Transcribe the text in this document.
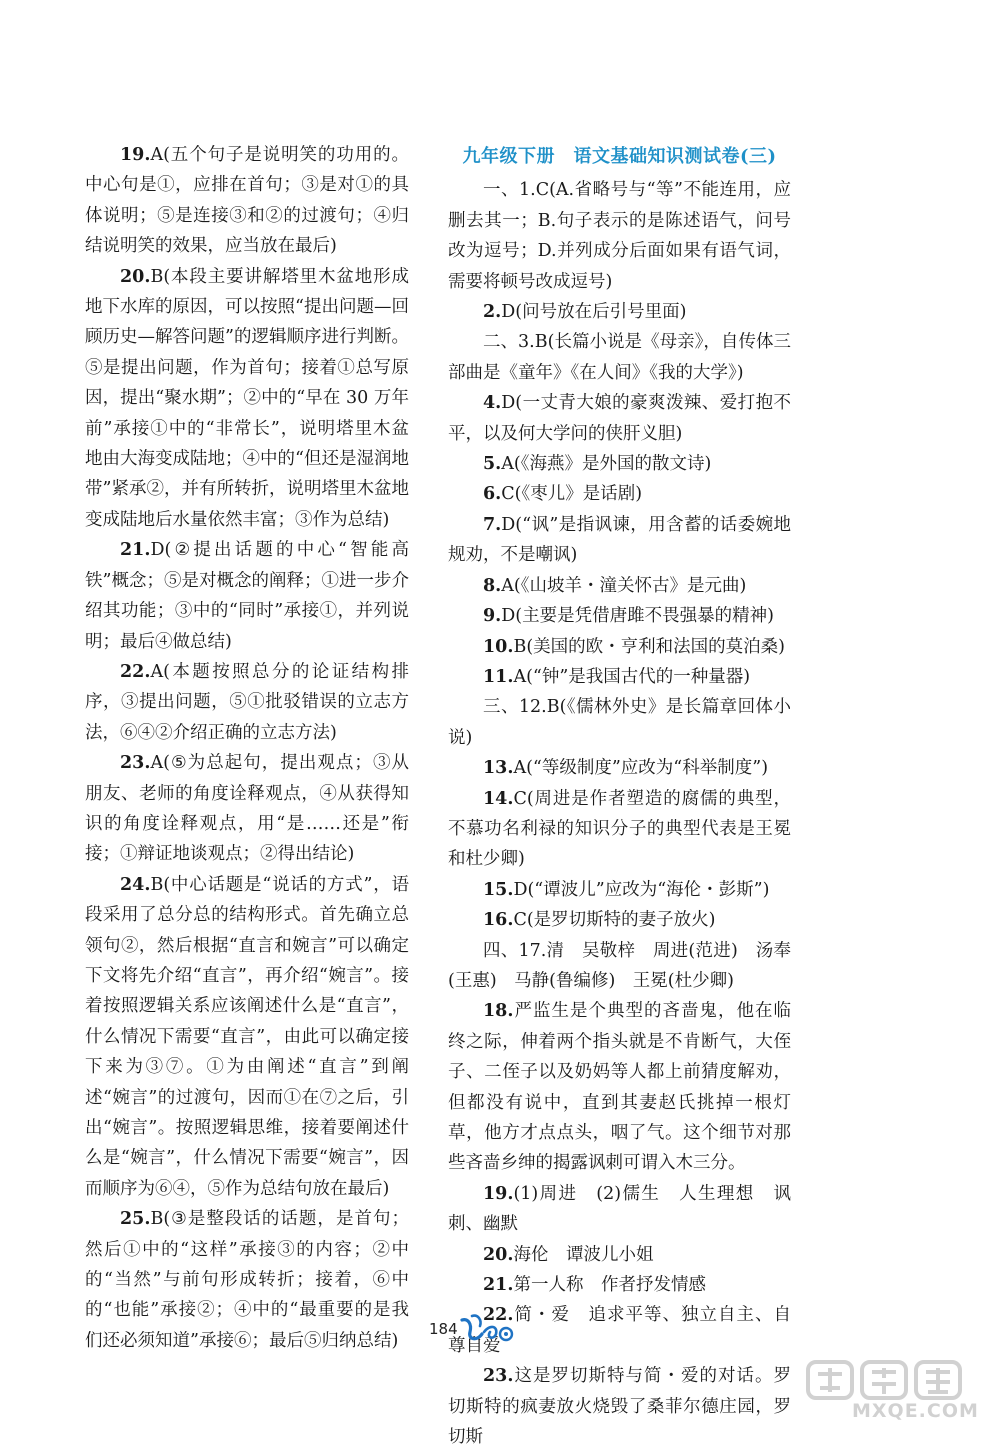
19.A(五个句子是说明笑的功用的。中心句是①，应排在首句；③是对①的具体说明；⑤是连接③和②的过渡句；④归结说明笑的效果，应当放在最后)

20.B(本段主要讲解塔里木盆地形成地下水库的原因，可以按照“提出问题—回顾历史—解答问题”的逻辑顺序进行判断。⑤是提出问题，作为首句；接着①总写原因，提出“聚水期”；②中的“早在 30 万年前”承接①中的“非常长”，说明塔里木盆地由大海变成陆地；④中的“但还是湿润地带”紧承②，并有所转折，说明塔里木盆地变成陆地后水量依然丰富；③作为总结)

21.D(②提出话题的中心“智能高铁”概念；⑤是对概念的阐释；①进一步介绍其功能；③中的“同时”承接①，并列说明；最后④做总结)

22.A(本题按照总分的论证结构排序，③提出问题，⑤①批驳错误的立志方法，⑥④②介绍正确的立志方法)

23.A(⑤为总起句，提出观点；③从朋友、老师的角度诠释观点，④从获得知识的角度诠释观点，用“是……还是”衔接；①辩证地谈观点；②得出结论)

24.B(中心话题是“说话的方式”，语段采用了总分总的结构形式。首先确立总领句②，然后根据“直言和婉言”可以确定下文将先介绍“直言”，再介绍“婉言”。接着按照逻辑关系应该阐述什么是“直言”，什么情况下需要“直言”，由此可以确定接下来为③⑦。①为由阐述“直言”到阐述“婉言”的过渡句，因而①在⑦之后，引出“婉言”。按照逻辑思维，接着要阐述什么是“婉言”，什么情况下需要“婉言”，因而顺序为⑥④，⑤作为总结句放在最后)

25.B(③是整段话的话题，是首句；然后①中的“这样”承接③的内容；②中的“当然”与前句形成转折；接着，⑥中的“也能”承接②；④中的“最重要的是我们还必须知道”承接⑥；最后⑤归纳总结)

九年级下册　语文基础知识测试卷(三)

一、1.C(A.省略号与“等”不能连用，应删去其一；B.句子表示的是陈述语气，问号改为逗号；D.并列成分后面如果有语气词，需要将顿号改成逗号)

2.D(问号放在后引号里面)

二、3.B(长篇小说是《母亲》，自传体三部曲是《童年》《在人间》《我的大学》)

4.D(一丈青大娘的豪爽泼辣、爱打抱不平，以及何大学问的侠肝义胆)

5.A(《海燕》是外国的散文诗)

6.C(《枣儿》是话剧)

7.D(“讽”是指讽谏，用含蓄的话委婉地规劝，不是嘲讽)

8.A(《山坡羊・潼关怀古》是元曲)

9.D(主要是凭借唐雎不畏强暴的精神)

10.B(美国的欧・亨利和法国的莫泊桑)

11.A(“钟”是我国古代的一种量器)

三、12.B(《儒林外史》是长篇章回体小说)

13.A(“等级制度”应改为“科举制度”)

14.C(周进是作者塑造的腐儒的典型，不慕功名利禄的知识分子的典型代表是王冕和杜少卿)

15.D(“谭波儿”应改为“海伦・彭斯”)

16.C(是罗切斯特的妻子放火)

四、17.清　吴敬梓　周进(范进)　汤奉(王惠)　马静(鲁编修)　王冕(杜少卿)

18.严监生是个典型的吝啬鬼，他在临终之际，伸着两个指头就是不肯断气，大侄子、二侄子以及奶妈等人都上前猜度解劝，但都没有说中，直到其妻赵氏挑掉一根灯草，他方才点点头，咽了气。这个细节对那些吝啬乡绅的揭露讽刺可谓入木三分。

19.(1)周进　(2)儒生　人生理想　讽刺、幽默

20.海伦　谭波儿小姐

21.第一人称　作者抒发情感

22.简・爱　追求平等、独立自主、自尊自爱

23.这是罗切斯特与简・爱的对话。罗切斯特的疯妻放火烧毁了桑菲尔德庄园，罗切斯

184
MXQE.COM
